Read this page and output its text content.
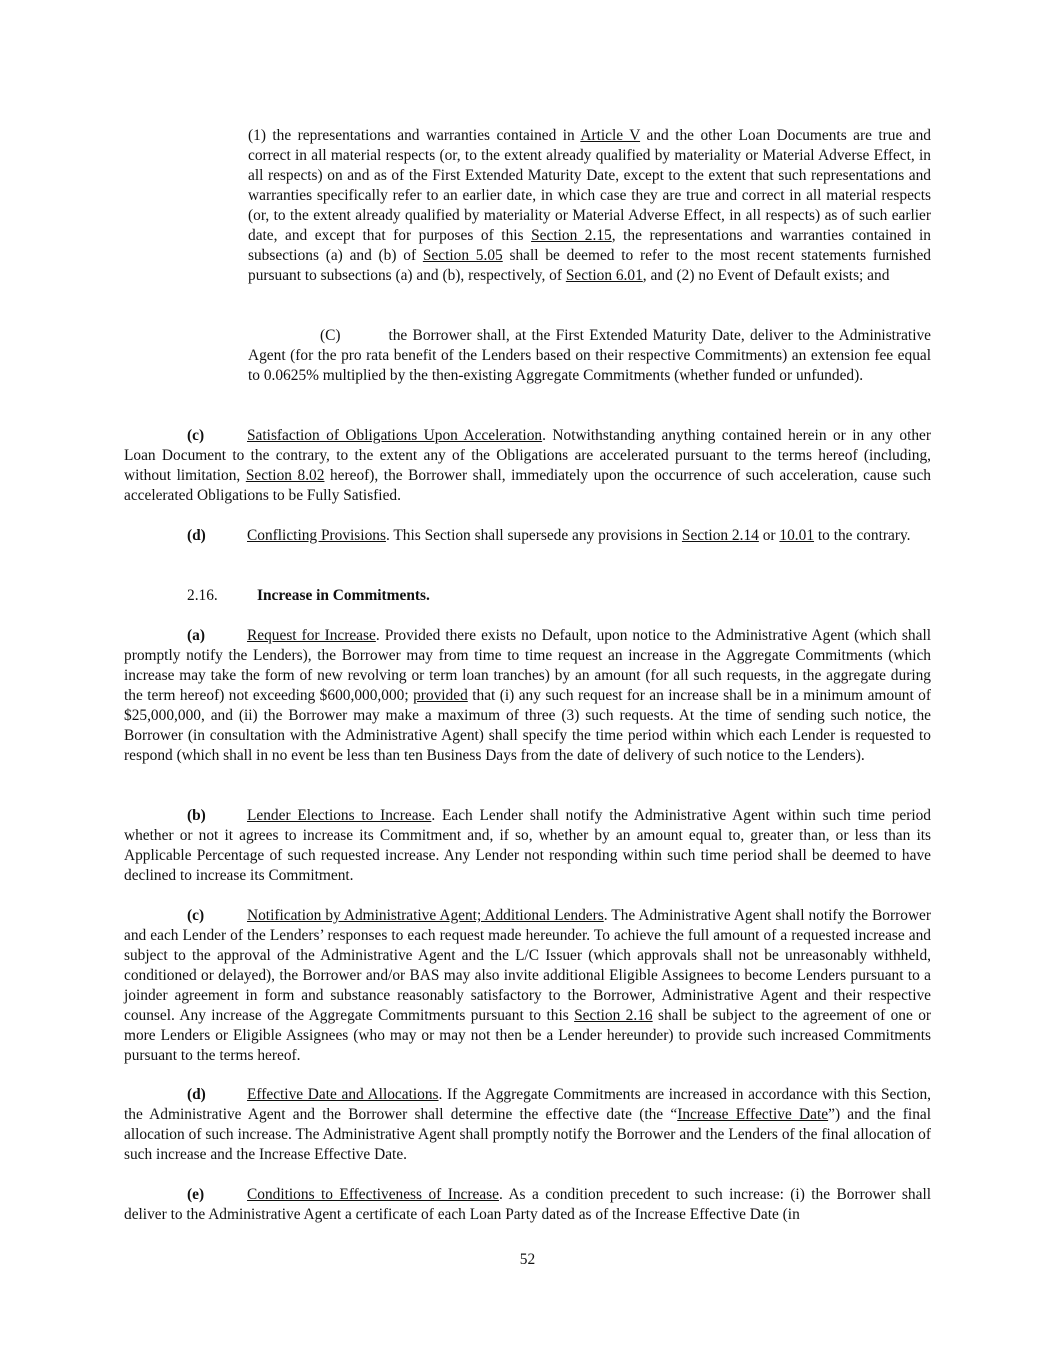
(1) the representations and warranties contained in Article V and the other Loan Documents are true and correct in all material respects (or, to the extent already qualified by materiality or Material Adverse Effect, in all respects) on and as of the First Extended Maturity Date, except to the extent that such representations and warranties specifically refer to an earlier date, in which case they are true and correct in all material respects (or, to the extent already qualified by materiality or Material Adverse Effect, in all respects) as of such earlier date, and except that for purposes of this Section 2.15, the representations and warranties contained in subsections (a) and (b) of Section 5.05 shall be deemed to refer to the most recent statements furnished pursuant to subsections (a) and (b), respectively, of Section 6.01, and (2) no Event of Default exists; and

(C)	the Borrower shall, at the First Extended Maturity Date, deliver to the Administrative Agent (for the pro rata benefit of the Lenders based on their respective Commitments) an extension fee equal to 0.0625% multiplied by the then-existing Aggregate Commitments (whether funded or unfunded).

(c)	Satisfaction of Obligations Upon Acceleration. Notwithstanding anything contained herein or in any other Loan Document to the contrary, to the extent any of the Obligations are accelerated pursuant to the terms hereof (including, without limitation, Section 8.02 hereof), the Borrower shall, immediately upon the occurrence of such acceleration, cause such accelerated Obligations to be Fully Satisfied.

(d)	Conflicting Provisions. This Section shall supersede any provisions in Section 2.14 or 10.01 to the contrary.

2.16.	Increase in Commitments.

(a)	Request for Increase. Provided there exists no Default, upon notice to the Administrative Agent (which shall promptly notify the Lenders), the Borrower may from time to time request an increase in the Aggregate Commitments (which increase may take the form of new revolving or term loan tranches) by an amount (for all such requests, in the aggregate during the term hereof) not exceeding $600,000,000; provided that (i) any such request for an increase shall be in a minimum amount of $25,000,000, and (ii) the Borrower may make a maximum of three (3) such requests. At the time of sending such notice, the Borrower (in consultation with the Administrative Agent) shall specify the time period within which each Lender is requested to respond (which shall in no event be less than ten Business Days from the date of delivery of such notice to the Lenders).

(b)	Lender Elections to Increase. Each Lender shall notify the Administrative Agent within such time period whether or not it agrees to increase its Commitment and, if so, whether by an amount equal to, greater than, or less than its Applicable Percentage of such requested increase. Any Lender not responding within such time period shall be deemed to have declined to increase its Commitment.

(c)	Notification by Administrative Agent; Additional Lenders. The Administrative Agent shall notify the Borrower and each Lender of the Lenders’ responses to each request made hereunder. To achieve the full amount of a requested increase and subject to the approval of the Administrative Agent and the L/C Issuer (which approvals shall not be unreasonably withheld, conditioned or delayed), the Borrower and/or BAS may also invite additional Eligible Assignees to become Lenders pursuant to a joinder agreement in form and substance reasonably satisfactory to the Borrower, Administrative Agent and their respective counsel. Any increase of the Aggregate Commitments pursuant to this Section 2.16 shall be subject to the agreement of one or more Lenders or Eligible Assignees (who may or may not then be a Lender hereunder) to provide such increased Commitments pursuant to the terms hereof.

(d)	Effective Date and Allocations. If the Aggregate Commitments are increased in accordance with this Section, the Administrative Agent and the Borrower shall determine the effective date (the “Increase Effective Date”) and the final allocation of such increase. The Administrative Agent shall promptly notify the Borrower and the Lenders of the final allocation of such increase and the Increase Effective Date.

(e)	Conditions to Effectiveness of Increase. As a condition precedent to such increase: (i) the Borrower shall deliver to the Administrative Agent a certificate of each Loan Party dated as of the Increase Effective Date (in

52
